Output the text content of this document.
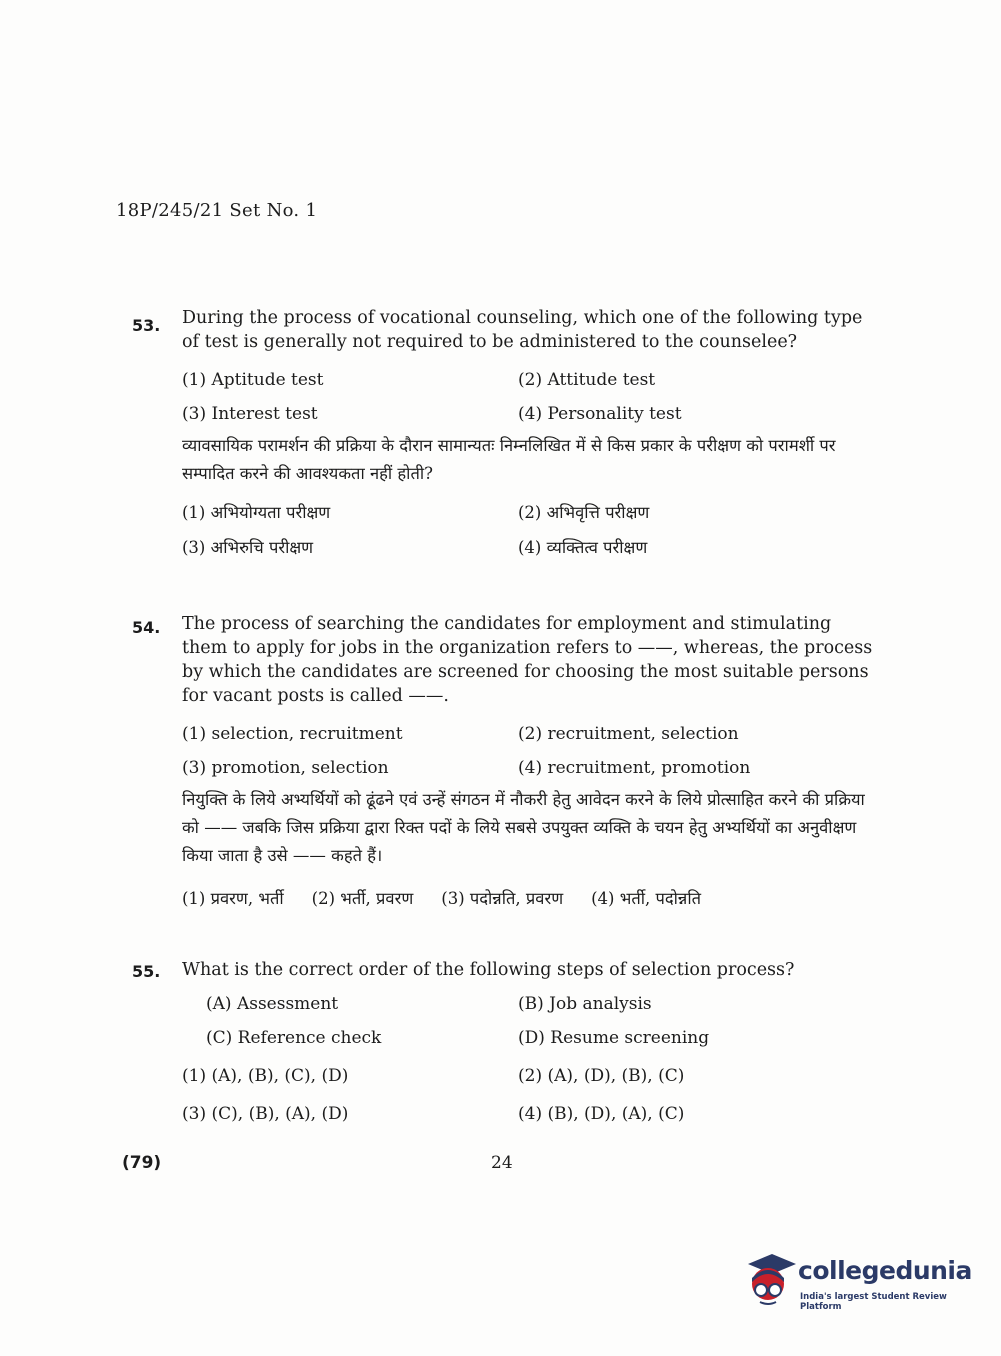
18P/245/21 Set No. 1
53. During the process of vocational counseling, which one of the following type of test is generally not required to be administered to the counselee?
(1) Aptitude test	(2) Attitude test
(3) Interest test	(4) Personality test
व्यावसायिक परामर्शन की प्रक्रिया के दौरान सामान्यतः निम्नलिखित में से किस प्रकार के परीक्षण को परामर्शी पर सम्पादित करने की आवश्यकता नहीं होती?
(1) अभियोग्यता परीक्षण	(2) अभिवृत्ति परीक्षण
(3) अभिरुचि परीक्षण	(4) व्यक्तित्व परीक्षण
54. The process of searching the candidates for employment and stimulating them to apply for jobs in the organization refers to ——, whereas, the process by which the candidates are screened for choosing the most suitable persons for vacant posts is called ——.
(1) selection, recruitment	(2) recruitment, selection
(3) promotion, selection	(4) recruitment, promotion
नियुक्ति के लिये अभ्यर्थियों को ढूंढने एवं उन्हें संगठन में नौकरी हेतु आवेदन करने के लिये प्रोत्साहित करने की प्रक्रिया को —— जबकि जिस प्रक्रिया द्वारा रिक्त पदों के लिये सबसे उपयुक्त व्यक्ति के चयन हेतु अभ्यर्थियों का अनुवीक्षण किया जाता है उसे —— कहते हैं।
(1) प्रवरण, भर्ती (2) भर्ती, प्रवरण (3) पदोन्नति, प्रवरण (4) भर्ती, पदोन्नति
55. What is the correct order of the following steps of selection process?
(A) Assessment	(B) Job analysis
(C) Reference check	(D) Resume screening
(1) (A), (B), (C), (D)	(2) (A), (D), (B), (C)
(3) (C), (B), (A), (D)	(4) (B), (D), (A), (C)
(79)	24
collegedunia
India's largest Student Review Platform
